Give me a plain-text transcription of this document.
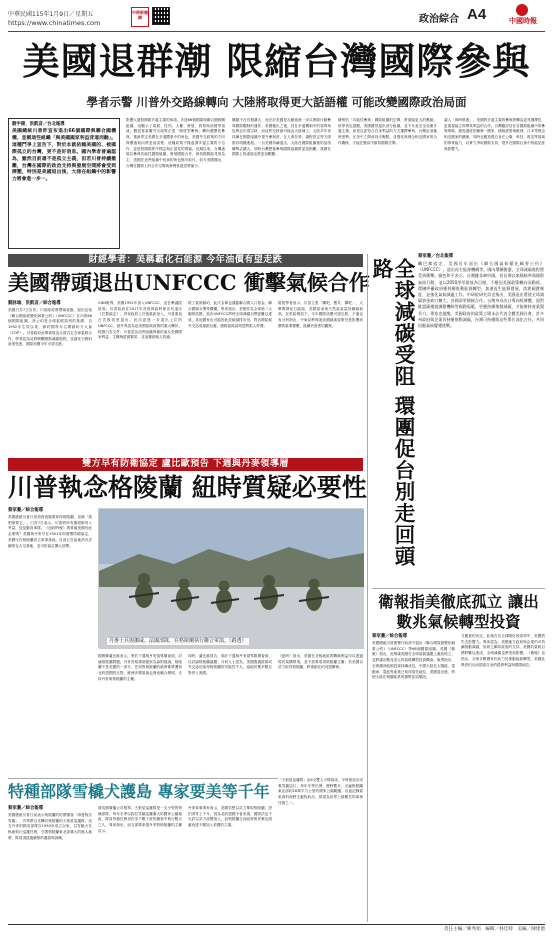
中華民國115年1月9日／星期五
https://www.chinatimes.com
中時新聞網	政治綜合 A4	中國時報
美國退群潮 限縮台灣國際參與
學者示警 川普外交路線轉向 大陸將取得更大話語權 可能改變國際政治局面
劉宇捷、洪凱音／台北報導
美國總統川普昨宣布退出66個國際與聯合國機構，並稱這些組織「與美國國家利益背道而馳」。這種鬥爭上宣告下，對於本就依賴美國的、被國際孤立的台灣，更不是好消息。國內學者普遍認為，雖然目前還不是孤立主義，但若川普持續撤離，台灣在國際的政治支持與發展空間將會受到擠壓，特別是美國退出後，大陸在組織中的影響力將會進一步一。
影響大過對國際多邊主義的承諾，多達66個國際與聯合國相關組織，這顯示了氣候、性別、人權、發展、貿易與治理等領域，體認著當權外交政策正從「制度型參與」轉向選擇性參與，重新界定美國在多邊體系中的角色，美國外交政策的方向與價值取向將更加清楚。這種政策不僅意謂多邊主義的不合作，更是對國際秩序穩定與正當性的質疑。長期以來，台灣處境以參與功能性國際組織、發展國際合作、保持國際能見度為主，美國在這些組織中扮演的角色無可取代，如今美國撤出，台灣在國際上的合作空間與發聲管道恐將縮小。
關鍵不在有無擴大，而在於美國是否願意進一步以實際行動參與國際體制的運作。美國撤出之後，其在多邊機制中的領導角色勢必出現空缺，而這些空缺最可能由大陸補上；大陸多年來持續在國際組織中提升參與度，在人事任命、議程設定等方面都有明顯進展。一旦美國持續退出，大陸在國際組織裡的話語權勢必擴大，屆時台灣想要參與國際組織將更加困難，我國在國際上的處境也將更加艱難。
優勢的「功能性參與」國際組織的空間，將面臨更大的壓縮。但學者也提醒，美國雖然退出部分組織，並不代表完全放棄多邊主義，而是以更符合自身利益的方式選擇參與，台灣必須審時度勢，在美中之間尋找平衡點，並強化與理念相近國家的合作關係，才能在變局中維持國際空間。
讓人「與時俱進」，美國對多邊主義的參與將轉為更具選擇性，更重視能立即帶來利益的合作。台灣應評估在各國際組織中的參與策略，避免過度依賴單一國家，積極經營與歐洲、日本等理念相近國家的關係。同時也應加強自身在公衛、科技、救災等領域的專業能力，以實力爭取國際支持，提升在國際社會中的能見度與影響力。
財經學者：美稱霸化石能源 今年油價有望走跌
美國帶頭退出UNFCCC 衝擊氣候合作
劉詠瑜、洪凱音／綜合報導
美國白宮7日宣布，川普政府將帶頭表態，退出包括《聯合國氣候變化綱要公約》（UNFCCC）在內的66個國際組織，該公約是全球氣候談判的基礎，自1992年生效以來，締約國每年召開締約方大會（COP）。川普政府此舉被視為全面否定全球氣候合作，學者認為這將衝擊國際減碳進程，並讓化石燃料產業受惠，國際油價今年可望走跌。
CNN報導，美國1992年加入UNFCCC，並在參議院批准。川普政府在2017年首度執政時即宣布退出《巴黎協定》，拜登政府上任後重新加入，川普重返白宮後再度退出。此次更進一步退出上位的UNFCCC，被外界認為是美國氣候政策的重大轉折。根據白宮文件，川普認為這些組織與條約違反美國國家利益、主權與經濟繁榮，並浪費納稅人的錢。
除了氣候條約，此次名單也涵蓋聯合國人口基金、聯合國婦女署等機構。學者指出，美國作為全球第二大碳排放國，退出UNFCCC將使全球減碳目標更難以達成，其他國家也可能因此放緩減排步伐，對各國氣候外交造成連鎖反應，國際氣候談判恐將陷入停滯。
財經學者表示，川普主張「鑽吧，寶貝，鑽吧」，大舉開發化石能源，美國原油與天然氣產量持續創新高，在供給增加下，今年國際油價可望走跌。不過也有分析指出，中東局勢與產油國減產政策仍是影響油價的重要變數，後續仍需密切觀察。
蔡家蓁／台北報導
全球減碳受阻 環團促台別走回頭路	繼巴黎協定，美國近年退出《聯合國氣候變化綱要公約》（UNFCCC）、退出再生能源機構等。國內環團擔憂，全球減碳進程將受到衝擊。綠色和平表示，台灣雖非締約國，但長期以來積極參與國際氣候行動，並以2050淨零排放為目標，不應因美國政策轉向而動搖。環團呼籲政府應持續推動能源轉型，加速再生能源發展，落實碳費制度，並強化氣候調適工作。中研院研究員也指出，美國退出將使全球減碳資金缺口擴大，各國須更積極合作。台灣身為出口導向經濟體，面對歐盟碳邊境調整機制等國際規範，更應持續推動減碳，才能維持產業競爭力。專家也提醒，美國政府的政策立場未必代表全體美國社會，許多州政府與企業仍持續推動減碳，台灣可持續與這些單位深化合作，共同因應氣候變遷挑戰。
衛報指美徹底孤立 讓出數兆氣候轉型投資
蔡家蓁／綜合報導
美國總統川普簽署行政命令退出《聯合國氣候變化綱要公約》（UNFCCC）等66個國際組織。英國《衛報》指出，此舉讓美國在全球氣候議題上徹底孤立，並將讓出數兆美元的氣候轉型投資機會。報導指出，全球潔淨能源投資持續成長，中國大陸在太陽能、電動車、電池等產業已取得領先地位，美國退出後，將使大陸在相關產業的優勢更加鞏固。
又應意的決定，此後在各全球暖化的談判中，美國將失去影響力。專家認為，美國地方政府與企業仍可持續推動減碳，但缺乏聯邦政府的支持，美國的氣候目標將難以達成，全球減碳也將受到影響。《衛報》也指出，全球多數國家仍致力於推動能源轉型，美國此舉恐怕反而損害自身的經濟利益與國際地位。
雙方早有防衛協定 盧比歐預告 下週與丹麥領導層
川普執念格陵蘭 紐時質疑必要性
蔡家蓁／綜合報導
美國總統川普日前再度表態要取得格陵蘭，並稱「我們需要它」。白宮7日表示，川普將所有選項都列入考量，包括動用軍隊。《紐約時報》則質疑美國有此必要嗎？美國與丹麥早在1951年即簽署防衛協定，美國可在格陵蘭設立軍事基地，目前已在當地設有皮圖菲克太空基地，並可依協定擴大部署。
丹麥士兵與挪威、法國部隊，在格陵蘭執行聯合軍演。（路透）
國務卿盧比歐表示，將於下週與丹麥領導層會面，討論格陵蘭問題。丹麥首相佛瑞德里克森則強調，格陵蘭不是美國的一部分，任何對格陵蘭的威脅都將遭到北約盟國的反對，歐洲多國領袖也發表聯合聲明，支持丹麥與格陵蘭的主權。
同時，盧比歐曾告，預計下週與丹麥領導階層會面，以討論格陵蘭議題；分析人士認為，美國透過經濟或外交途徑取得格陵蘭的可能性不大，當地民眾多數反對併入美國。
《紐時》指出，美國在北極地區的戰略利益可以透過現有架構實現，並不需要取得格陵蘭主權；若美國以武力取得格陵蘭，將重創北約同盟關係。
特種部隊雪橇犬護島 專家要美等千年
蔡家蓁／綜合報導
美國總統川普日前表示格陵蘭的防禦僅靠「兩隻狗拉雪橇」，外界將目光轉向格陵蘭的天狼星巡邏隊，這支丹麥的精英部隊自1950年成立以來，以雪橇犬在極地執行巡邏任務，守護格陵蘭東北部廣大的無人地帶，隊員須經過嚴格的選拔與訓練。
據英國廣播公司報導，天狼星巡邏隊是一支小型的特種部隊，每年冬季以狗拉雪橇巡邏廣大的國家公園地區，隊員每趟任務須在零下數十度的嚴寒中執行數月之久，專家指出，這支部隊象徵丹麥對格陵蘭的主權宣示。
丹麥軍事專家表示，美國若想以武力奪取格陵蘭，恐怕得等上千年，因為北約盟國不會坐視，國際法也不允許以武力改變領土，而格陵蘭自治政府與民眾也明確表達不願加入美國的立場。
「天狼星巡邏隊」由6支雙人小隊組成，平時需徒步或乘雪橇巡行，每年冬季出發，歷時數月，走遍格陵蘭東北部約16萬平方公里的國家公園範圍，沿途記錄氣象資料與野生動物狀況，被視為世界上最艱苦的軍事任務之一。
責任主編／陳秀娟　編輯／林佳綺　美編／陳建德
